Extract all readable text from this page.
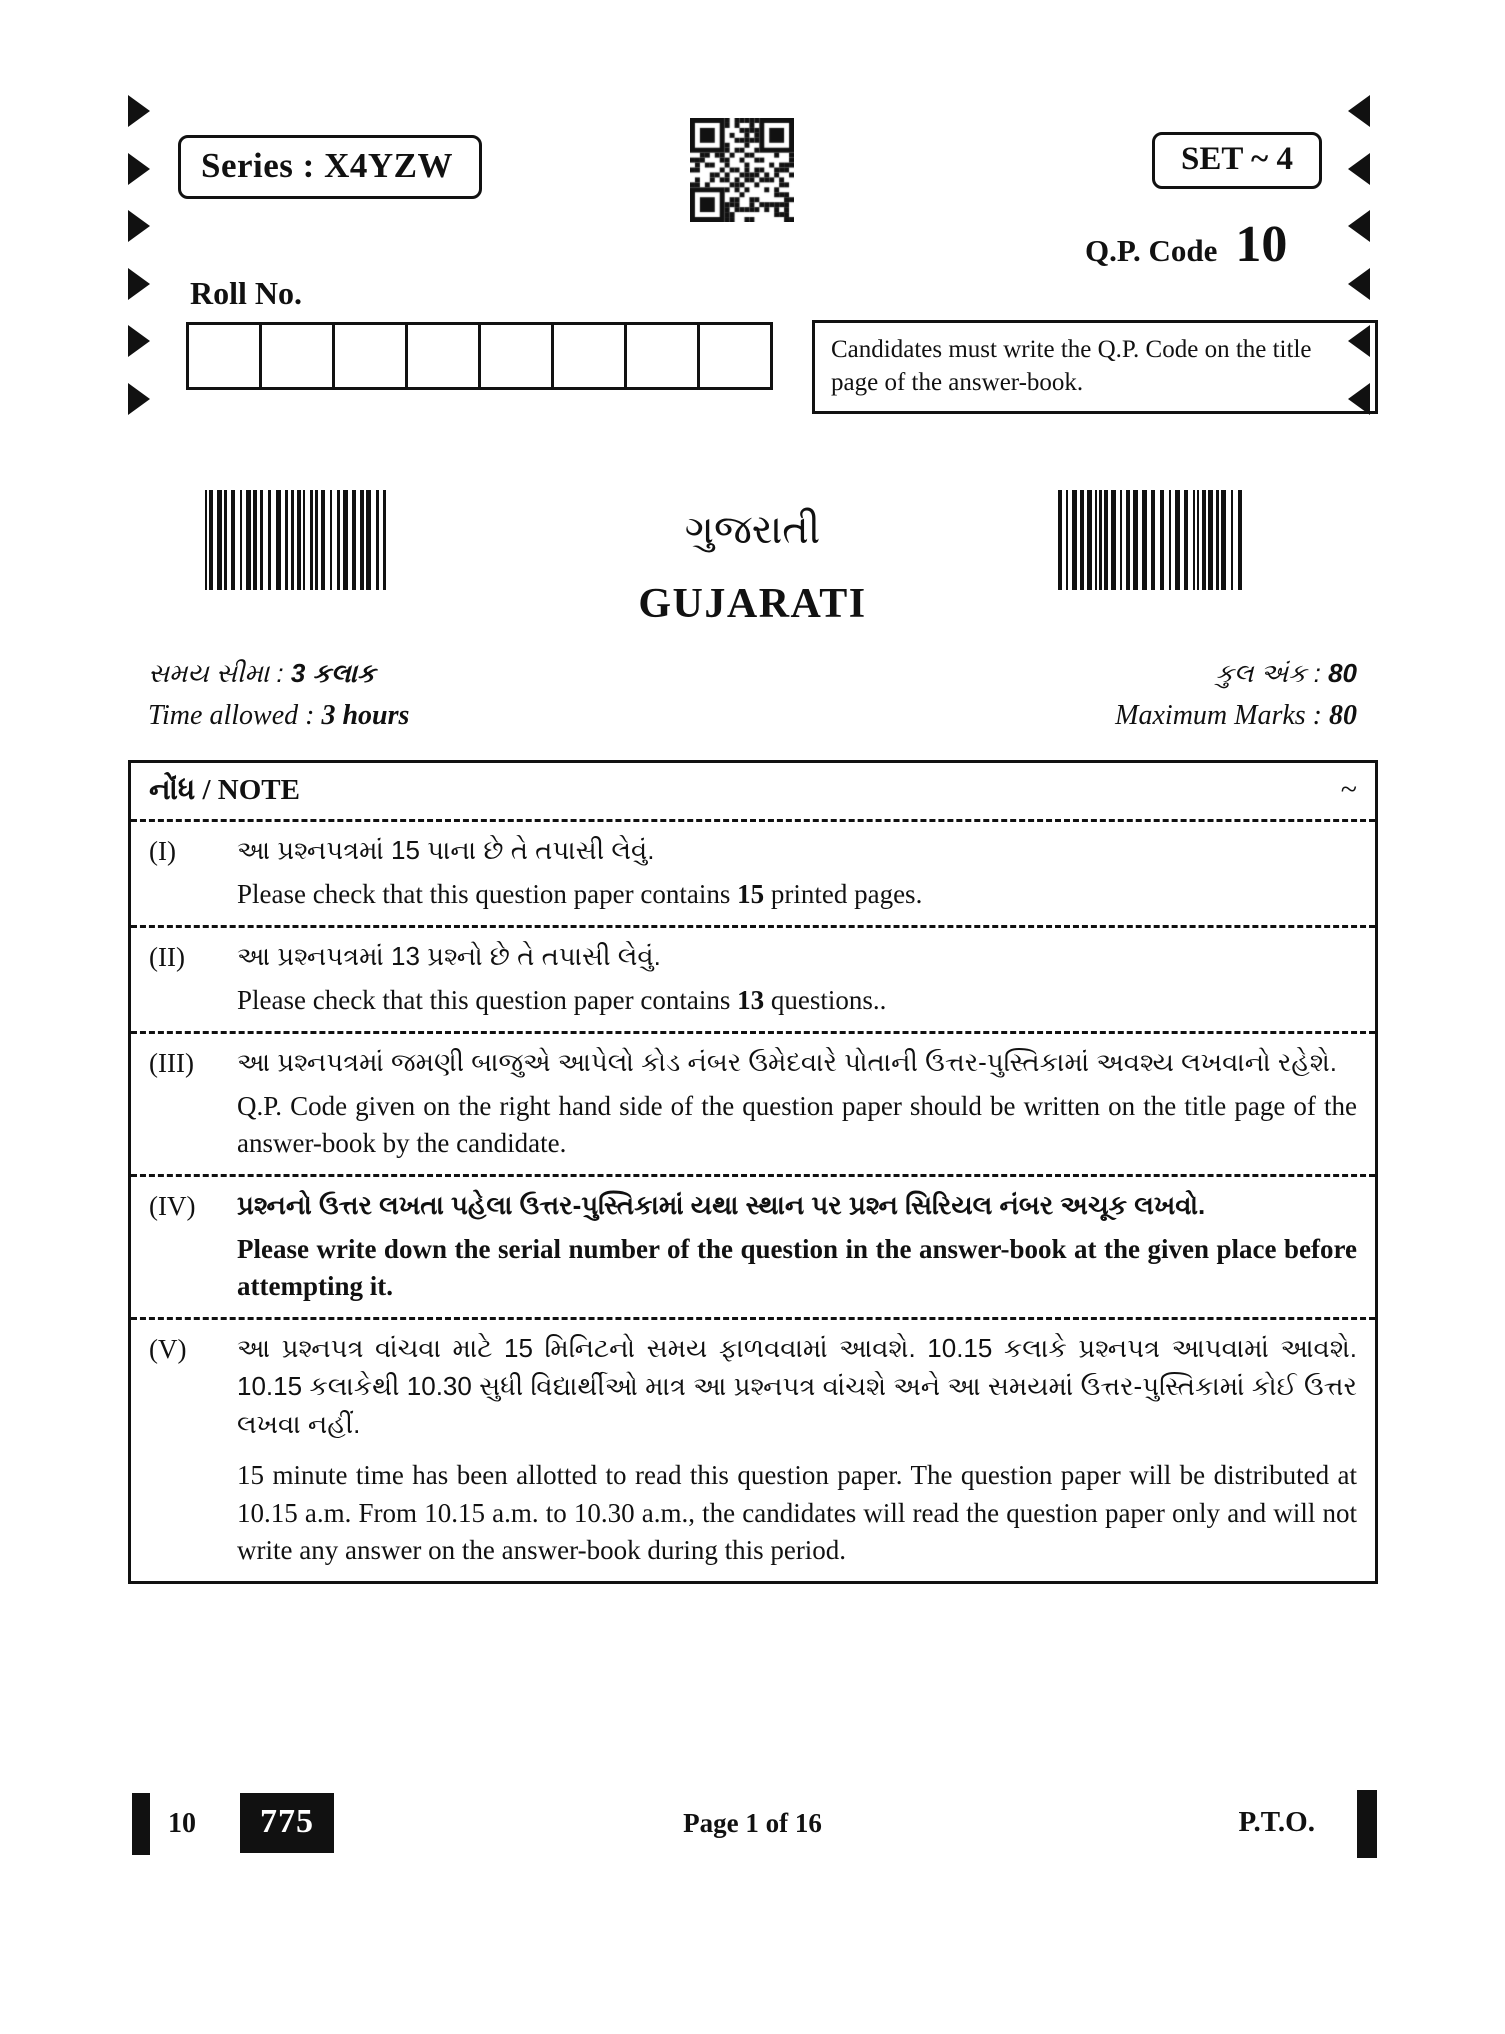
Series : X4YZW	SET ~ 4
Q.P. Code 10
Roll No.
Candidates must write the Q.P. Code on the title page of the answer-book.
ગુજરાતી
GUJARATI
સમય સીમા : 3 કલાક
Time allowed : 3 hours
કુલ અંક : 80
Maximum Marks : 80
નોંધ / NOTE	~
(I)	આ પ્રશ્નપત્રમાં 15 પાના છે તે તપાસી લેવું.
Please check that this question paper contains 15 printed pages.
(II)	આ પ્રશ્નપત્રમાં 13 પ્રશ્નો છે તે તપાસી લેવું.
Please check that this question paper contains 13 questions..
(III)	આ પ્રશ્નપત્રમાં જમણી બાજુએ આપેલો કોડ નંબર ઉમેદવારે પોતાની ઉત્તર-પુસ્તિકામાં અવશ્ય લખવાનો રહેશે.
Q.P. Code given on the right hand side of the question paper should be written on the title page of the answer-book by the candidate.
(IV)	પ્રશ્નનો ઉત્તર લખતા પહેલા ઉત્તર-પુસ્તિકામાં યથા સ્થાન પર પ્રશ્ન સિરિયલ નંબર અચૂક લખવો.
Please write down the serial number of the question in the answer-book at the given place before attempting it.
(V)	આ પ્રશ્નપત્ર વાંચવા માટે 15 મિનિટનો સમય ફાળવવામાં આવશે. 10.15 કલાકે પ્રશ્નપત્ર આપવામાં આવશે. 10.15 કલાકેથી 10.30 સુધી વિદ્યાર્થીઓ માત્ર આ પ્રશ્નપત્ર વાંચશે અને આ સમયમાં ઉત્તર-પુસ્તિકામાં કોઈ ઉત્તર લખવા નહીં.
15 minute time has been allotted to read this question paper. The question paper will be distributed at 10.15 a.m. From 10.15 a.m. to 10.30 a.m., the candidates will read the question paper only and will not write any answer on the answer-book during this period.
10	775	Page 1 of 16	P.T.O.
